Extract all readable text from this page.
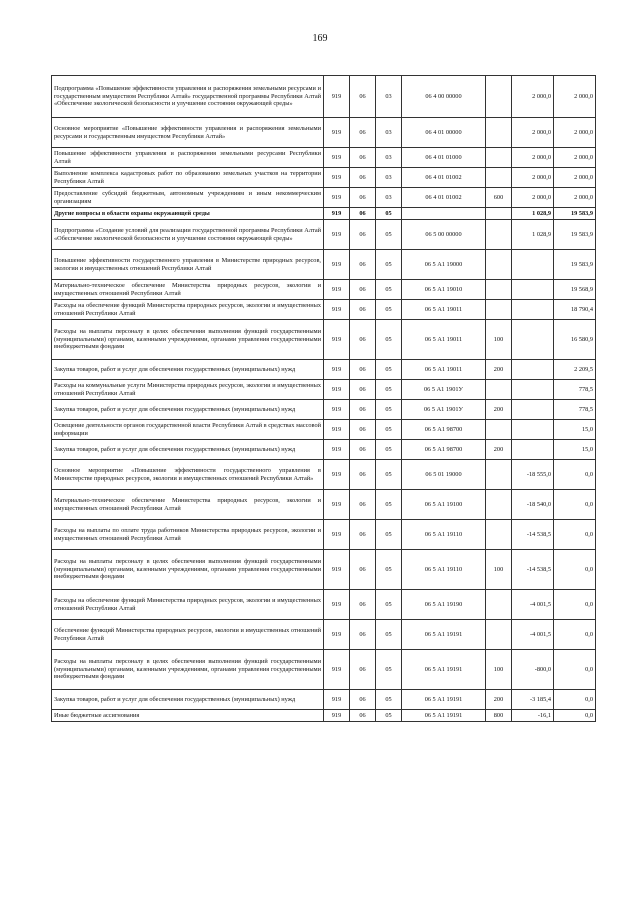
169
Подпрограмма «Повышение эффективности управления и распоряжения земельными ресурсами и государственным имуществом Республики Алтай» государственной программы Республики Алтай «Обеспечение экологической безопасности и улучшение состояния окружающей среды»	919	06	03	06 4 00 00000		2 000,0	2 000,0
Основное мероприятие «Повышение эффективности управления и распоряжения земельными ресурсами и государственным имуществом Республики Алтай»	919	06	03	06 4 01 00000		2 000,0	2 000,0
Повышение эффективности управления и распоряжения земельными ресурсами Республики Алтай	919	06	03	06 4 01 01000		2 000,0	2 000,0
Выполнение комплекса кадастровых работ по образованию земельных участков на территории Республики Алтай	919	06	03	06 4 01 01002		2 000,0	2 000,0
Предоставление субсидий бюджетным, автономным учреждениям и иным некоммерческим организациям	919	06	03	06 4 01 01002	600	2 000,0	2 000,0
Другие вопросы в области охраны окружающей среды	919	06	05			1 028,9	19 583,9
Подпрограмма «Создание условий для реализации государственной программы Республики Алтай «Обеспечение экологической безопасности и улучшение состояния окружающей среды»	919	06	05	06 5 00 00000		1 028,9	19 583,9
Повышение эффективности государственного управления в Министерстве природных ресурсов, экологии и имущественных отношений Республики Алтай	919	06	05	06 5 А1 19000			19 583,9
Материально-техническое обеспечение Министерства природных ресурсов, экологии и имущественных отношений Республики Алтай	919	06	05	06 5 А1 19010			19 568,9
Расходы на обеспечение функций Министерства природных ресурсов, экологии и имущественных отношений Республики Алтай	919	06	05	06 5 А1 19011			18 790,4
Расходы на выплаты персоналу в целях обеспечения выполнения функций государственными (муниципальными) органами, казенными учреждениями, органами управления государственными внебюджетными фондами	919	06	05	06 5 А1 19011	100		16 580,9
Закупка товаров, работ и услуг для обеспечения государственных (муниципальных) нужд	919	06	05	06 5 А1 19011	200		2 209,5
Расходы на коммунальные услуги Министерства природных ресурсов, экологии и имущественных отношений Республики Алтай	919	06	05	06 5 А1 1901У			778,5
Закупка товаров, работ и услуг для обеспечения государственных (муниципальных) нужд	919	06	05	06 5 А1 1901У	200		778,5
Освещение деятельности органов государственной власти Республики Алтай в средствах массовой информации	919	06	05	06 5 А1 98700			15,0
Закупка товаров, работ и услуг для обеспечения государственных (муниципальных) нужд	919	06	05	06 5 А1 98700	200		15,0
Основное мероприятие «Повышение эффективности государственного управления в Министерстве природных ресурсов, экологии и имущественных отношений Республики Алтай»	919	06	05	06 5 01 19000		-18 555,0	0,0
Материально-техническое обеспечение Министерства природных ресурсов, экологии и имущественных отношений Республики Алтай	919	06	05	06 5 А1 19100		-18 540,0	0,0
Расходы на выплаты по оплате труда работников Министерства природных ресурсов, экологии и имущественных отношений Республики Алтай	919	06	05	06 5 А1 19110		-14 538,5	0,0
Расходы на выплаты персоналу в целях обеспечения выполнения функций государственными (муниципальными) органами, казенными учреждениями, органами управления государственными внебюджетными фондами	919	06	05	06 5 А1 19110	100	-14 538,5	0,0
Расходы на обеспечение функций Министерства природных ресурсов, экологии и имущественных отношений Республики Алтай	919	06	05	06 5 А1 19190		-4 001,5	0,0
Обеспечение функций Министерства природных ресурсов, экологии и имущественных отношений Республики Алтай	919	06	05	06 5 А1 19191		-4 001,5	0,0
Расходы на выплаты персоналу в целях обеспечения выполнения функций государственными (муниципальными) органами, казенными учреждениями, органами управления государственными внебюджетными фондами	919	06	05	06 5 А1 19191	100	-800,0	0,0
Закупка товаров, работ и услуг для обеспечения государственных (муниципальных) нужд	919	06	05	06 5 А1 19191	200	-3 185,4	0,0
Иные бюджетные ассигнования	919	06	05	06 5 А1 19191	800	-16,1	0,0
